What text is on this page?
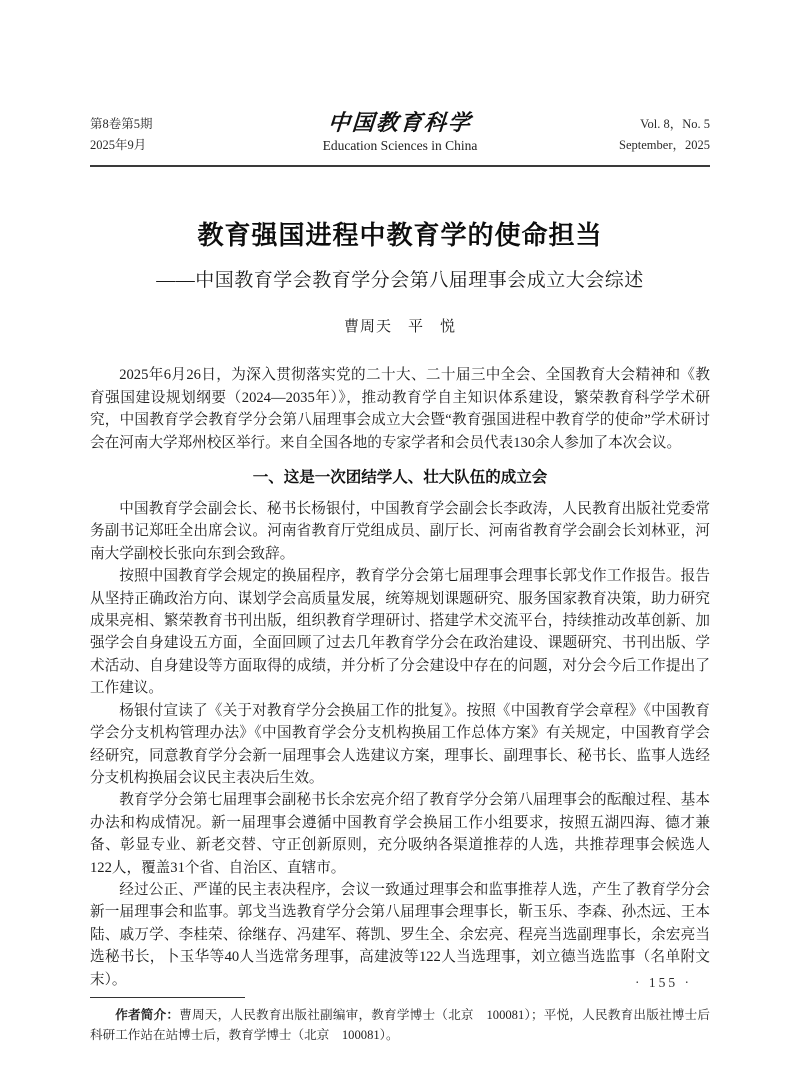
第8卷第5期
2025年9月
中国教育科学
Education Sciences in China
Vol. 8，No. 5
September，2025
教育强国进程中教育学的使命担当
——中国教育学会教育学分会第八届理事会成立大会综述
曹周天　平　悦

2025年6月26日，为深入贯彻落实党的二十大、二十届三中全会、全国教育大会精神和《教育强国建设规划纲要（2024—2035年）》，推动教育学自主知识体系建设，繁荣教育科学学术研究，中国教育学会教育学分会第八届理事会成立大会暨“教育强国进程中教育学的使命”学术研讨会在河南大学郑州校区举行。来自全国各地的专家学者和会员代表130余人参加了本次会议。

一、这是一次团结学人、壮大队伍的成立会

中国教育学会副会长、秘书长杨银付，中国教育学会副会长李政涛，人民教育出版社党委常务副书记郑旺全出席会议。河南省教育厅党组成员、副厅长、河南省教育学会副会长刘林亚，河南大学副校长张向东到会致辞。

按照中国教育学会规定的换届程序，教育学分会第七届理事会理事长郭戈作工作报告。报告从坚持正确政治方向、谋划学会高质量发展，统筹规划课题研究、服务国家教育决策，助力研究成果亮相、繁荣教育书刊出版，组织教育学理研讨、搭建学术交流平台，持续推动改革创新、加强学会自身建设五方面，全面回顾了过去几年教育学分会在政治建设、课题研究、书刊出版、学术活动、自身建设等方面取得的成绩，并分析了分会建设中存在的问题，对分会今后工作提出了工作建议。

杨银付宣读了《关于对教育学分会换届工作的批复》。按照《中国教育学会章程》《中国教育学会分支机构管理办法》《中国教育学会分支机构换届工作总体方案》有关规定，中国教育学会经研究，同意教育学分会新一届理事会人选建议方案，理事长、副理事长、秘书长、监事人选经分支机构换届会议民主表决后生效。

教育学分会第七届理事会副秘书长余宏亮介绍了教育学分会第八届理事会的酝酿过程、基本办法和构成情况。新一届理事会遵循中国教育学会换届工作小组要求，按照五湖四海、德才兼备、彰显专业、新老交替、守正创新原则，充分吸纳各渠道推荐的人选，共推荐理事会候选人122人，覆盖31个省、自治区、直辖市。

经过公正、严谨的民主表决程序，会议一致通过理事会和监事推荐人选，产生了教育学分会新一届理事会和监事。郭戈当选教育学分会第八届理事会理事长，靳玉乐、李森、孙杰远、王本陆、戚万学、李桂荣、徐继存、冯建军、蒋凯、罗生全、余宏亮、程亮当选副理事长，余宏亮当选秘书长，卜玉华等40人当选常务理事，高建波等122人当选理事，刘立德当选监事（名单附文末）。

作者简介：曹周天，人民教育出版社副编审，教育学博士（北京　100081）；平悦，人民教育出版社博士后科研工作站在站博士后，教育学博士（北京　100081）。

· 155 ·
